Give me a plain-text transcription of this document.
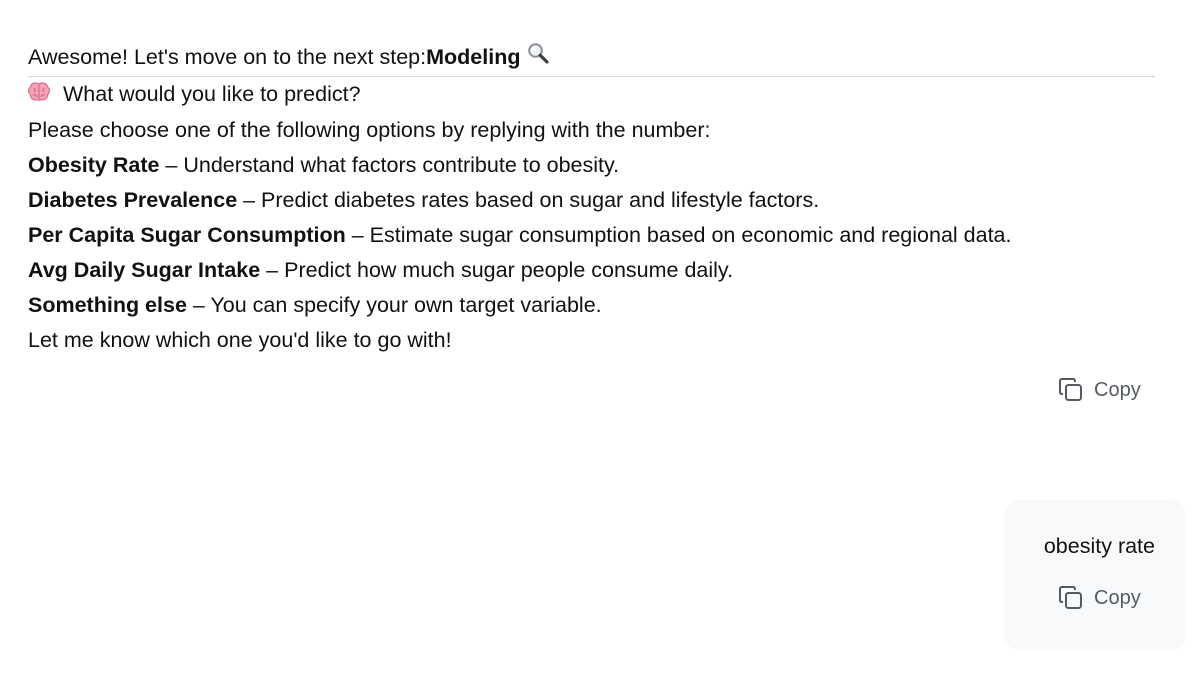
Awesome! Let's move on to the next step: Modeling
What would you like to predict?
Please choose one of the following options by replying with the number:
Obesity Rate – Understand what factors contribute to obesity.
Diabetes Prevalence – Predict diabetes rates based on sugar and lifestyle factors.
Per Capita Sugar Consumption – Estimate sugar consumption based on economic and regional data.
Avg Daily Sugar Intake – Predict how much sugar people consume daily.
Something else – You can specify your own target variable.
Let me know which one you'd like to go with!
Copy
obesity rate
Copy
